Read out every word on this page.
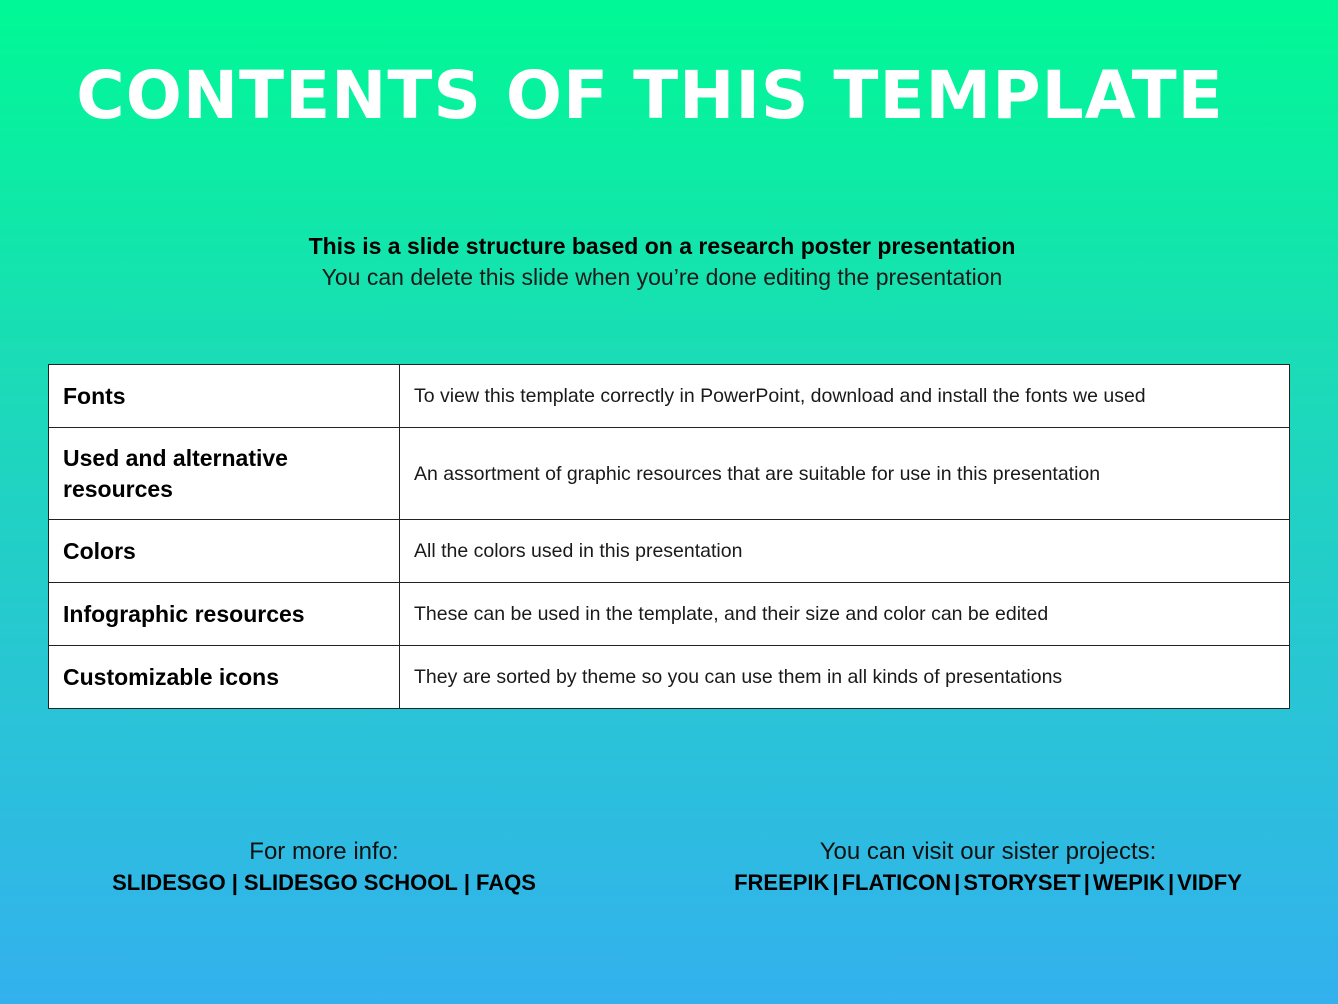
CONTENTS OF THIS TEMPLATE
This is a slide structure based on a research poster presentation
You can delete this slide when you’re done editing the presentation
Fonts	To view this template correctly in PowerPoint, download and install the fonts we used
Used and alternative resources	An assortment of graphic resources that are suitable for use in this presentation
Colors	All the colors used in this presentation
Infographic resources	These can be used in the template, and their size and color can be edited
Customizable icons	They are sorted by theme so you can use them in all kinds of presentations
For more info:
SLIDESGO | SLIDESGO SCHOOL | FAQS
You can visit our sister projects:
FREEPIK | FLATICON | STORYSET | WEPIK | VIDFY
